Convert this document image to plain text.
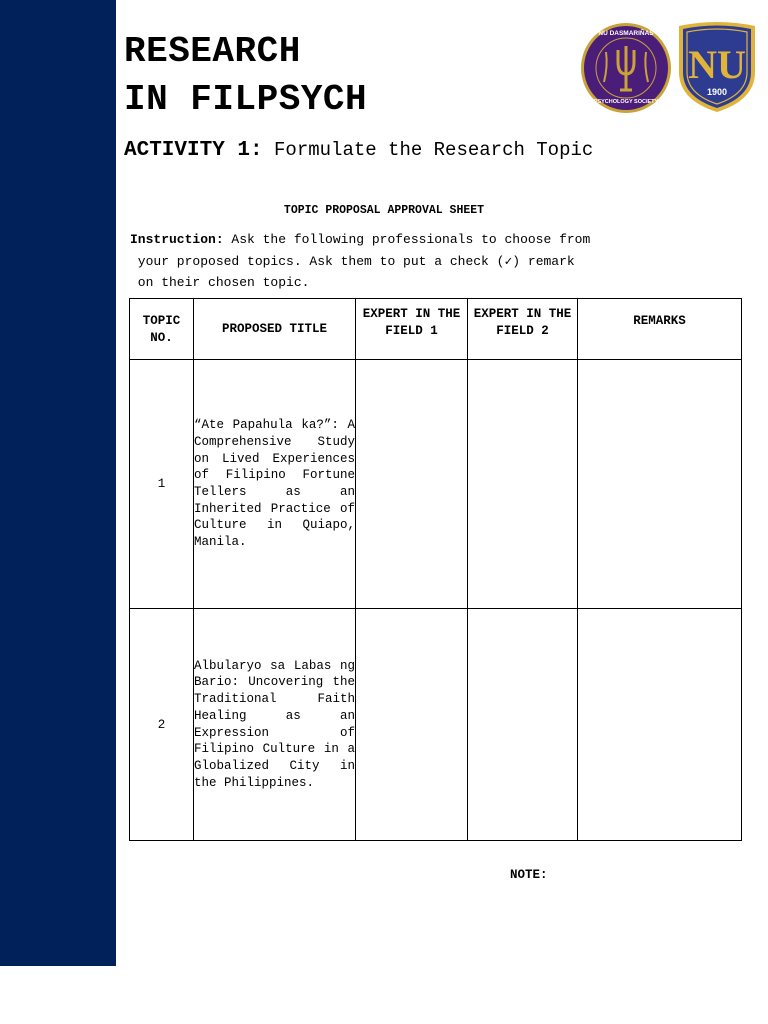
RESEARCH
IN FILPSYCH
ACTIVITY 1: Formulate the Research Topic
NU DASMARIÑAS
PSYCHOLOGY SOCIETY
NU
1900
TOPIC PROPOSAL APPROVAL SHEET
Instruction: Ask the following professionals to choose from
your proposed topics. Ask them to put a check (✓) remark
on their chosen topic.
TOPIC NO.	PROPOSED TITLE	EXPERT IN THE FIELD 1	EXPERT IN THE FIELD 2	REMARKS
1	“Ate Papahula ka?”: A Comprehensive Study on Lived Experiences of Filipino Fortune Tellers as an Inherited Practice of Culture in Quiapo, Manila.			
2	Albularyo sa Labas ng Bario: Uncovering the Traditional Faith Healing as an Expression of Filipino Culture in a Globalized City in the Philippines.			
NOTE:
